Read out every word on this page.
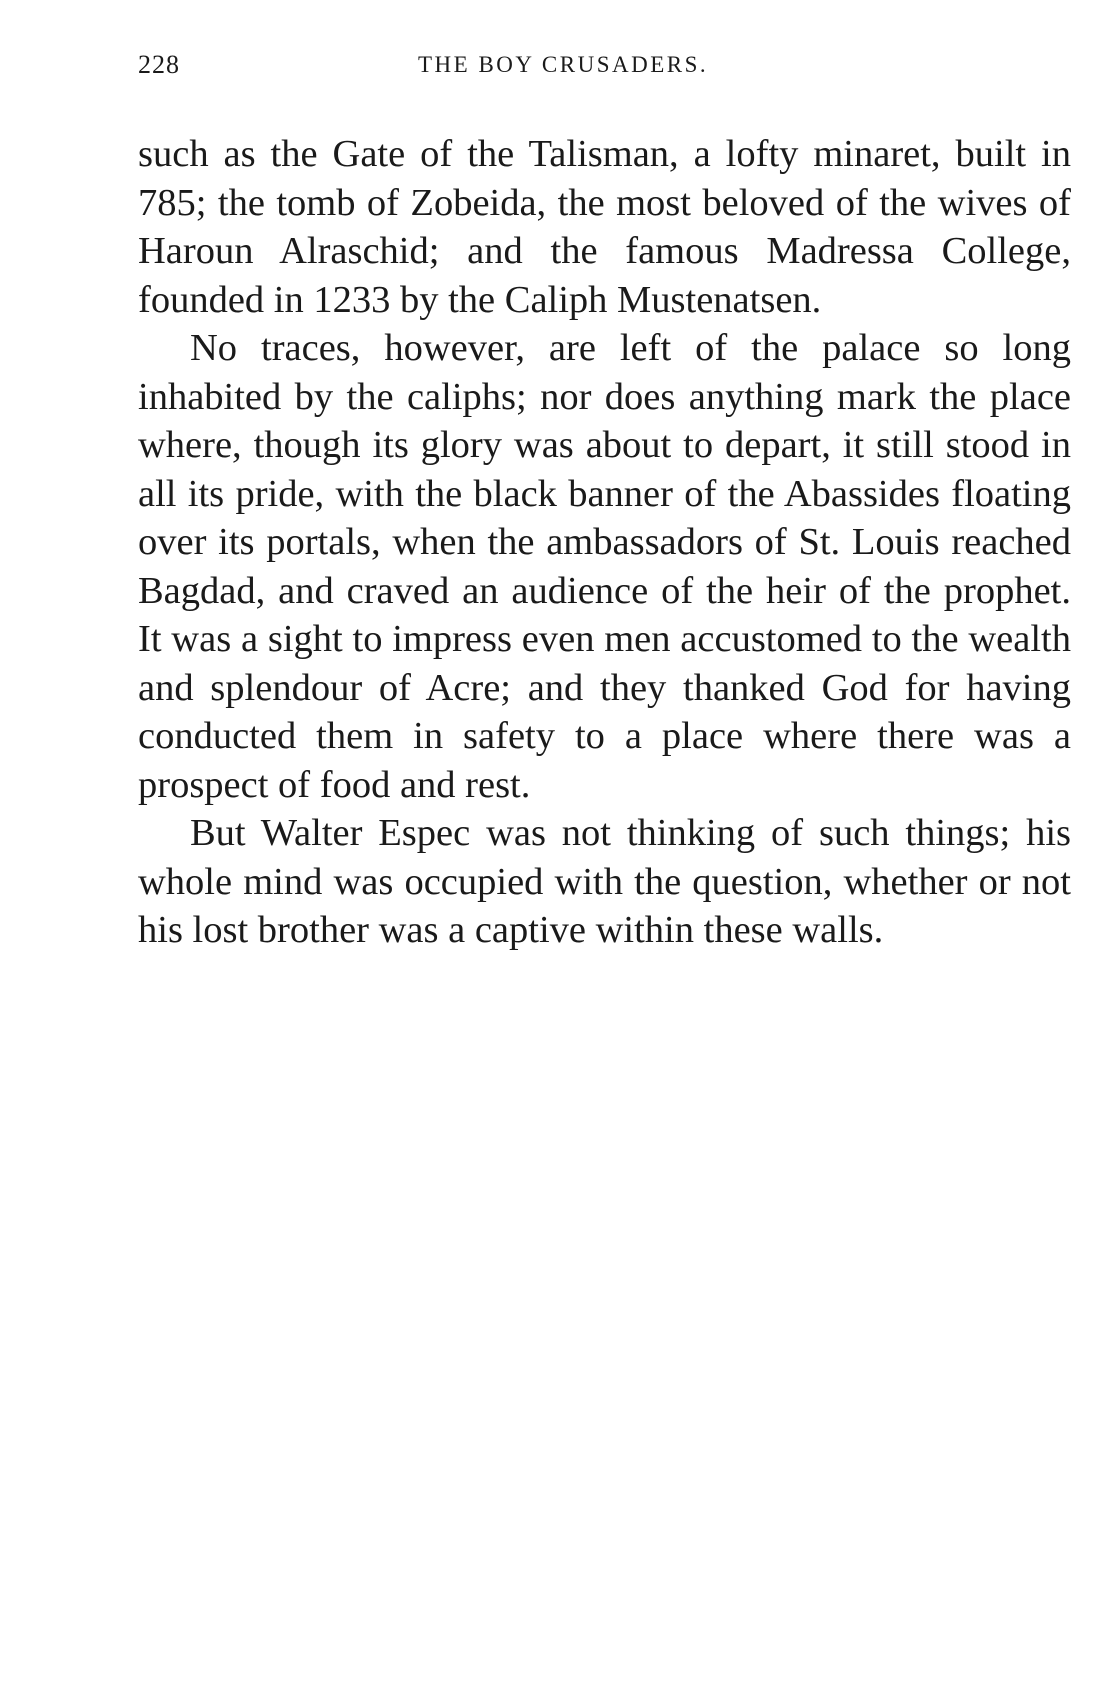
228	THE BOY CRUSADERS.

such as the Gate of the Talisman, a lofty minaret, built in 785; the tomb of Zobeida, the most beloved of the wives of Haroun Alraschid; and the famous Madressa College, founded in 1233 by the Caliph Mustenatsen.

No traces, however, are left of the palace so long inhabited by the caliphs; nor does anything mark the place where, though its glory was about to depart, it still stood in all its pride, with the black banner of the Abassides floating over its portals, when the ambassadors of St. Louis reached Bagdad, and craved an audience of the heir of the prophet. It was a sight to impress even men accustomed to the wealth and splendour of Acre; and they thanked God for having conducted them in safety to a place where there was a prospect of food and rest.

But Walter Espec was not thinking of such things; his whole mind was occupied with the question, whether or not his lost brother was a captive within these walls.
